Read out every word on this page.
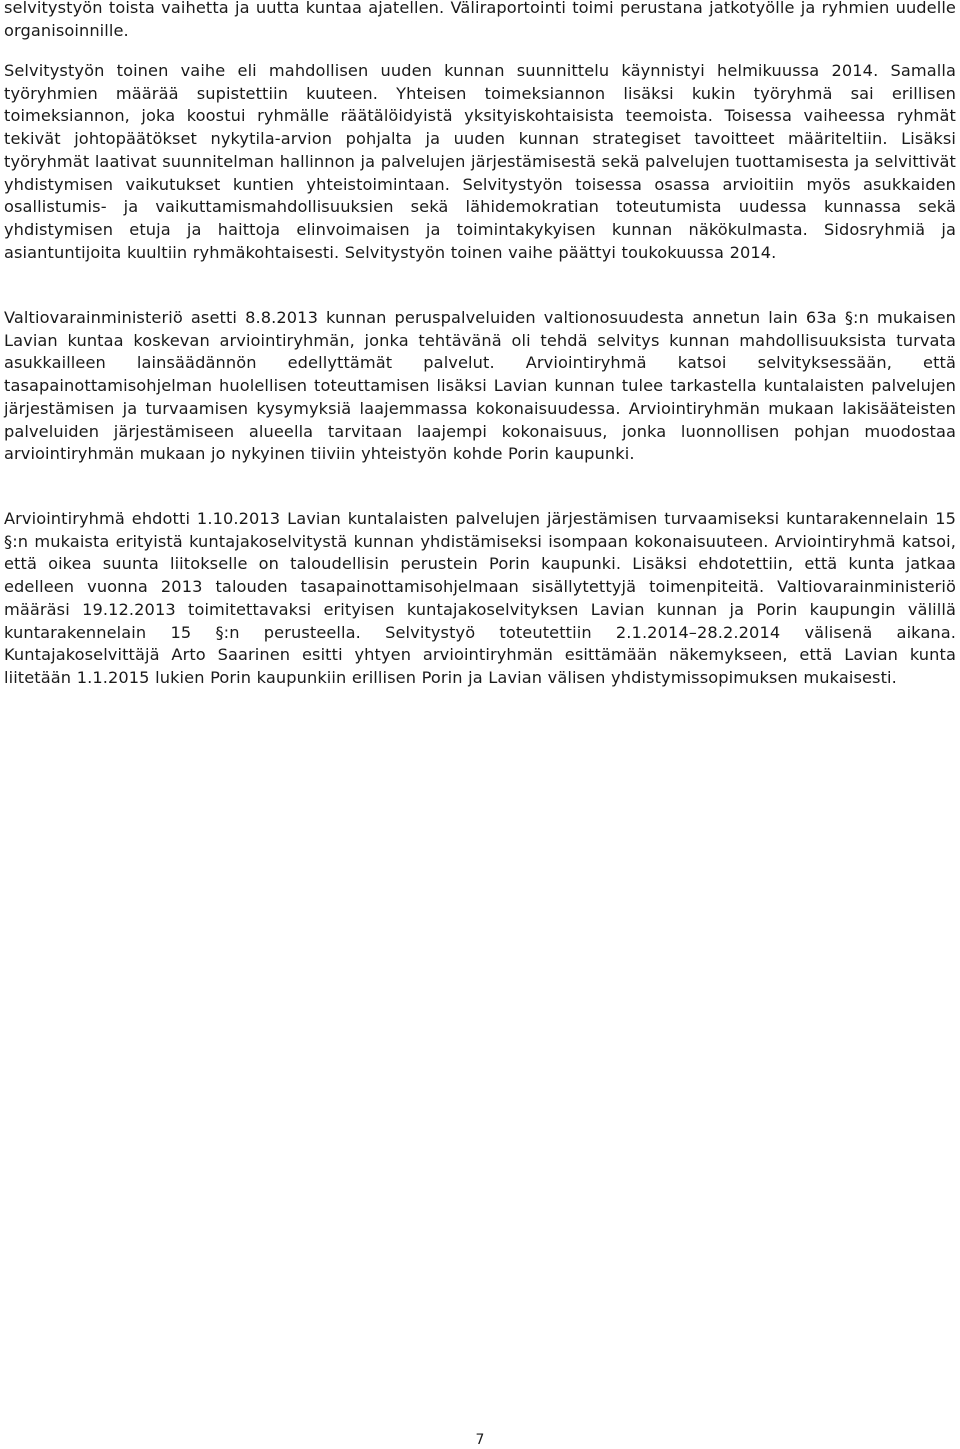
selvitystyön toista vaihetta ja uutta kuntaa ajatellen. Väliraportointi toimi perustana jatkotyölle ja ryhmien uudelle organisoinnille.

Selvitystyön toinen vaihe eli mahdollisen uuden kunnan suunnittelu käynnistyi helmikuussa 2014. Samalla työryhmien määrää supistettiin kuuteen. Yhteisen toimeksiannon lisäksi kukin työryhmä sai erillisen toimeksiannon, joka koostui ryhmälle räätälöidyistä yksityiskohtaisista teemoista. Toisessa vaiheessa ryhmät tekivät johtopäätökset nykytila-arvion pohjalta ja uuden kunnan strategiset tavoitteet määriteltiin. Lisäksi työryhmät laativat suunnitelman hallinnon ja palvelujen järjestämisestä sekä palvelujen tuottamisesta ja selvittivät yhdistymisen vaikutukset kuntien yhteistoimintaan. Selvitystyön toisessa osassa arvioitiin myös asukkaiden osallistumis- ja vaikuttamismahdollisuuksien sekä lähidemokratian toteutumista uudessa kunnassa sekä yhdistymisen etuja ja haittoja elinvoimaisen ja toimintakykyisen kunnan näkökulmasta. Sidosryhmiä ja asiantuntijoita kuultiin ryhmäkohtaisesti. Selvitystyön toinen vaihe päättyi toukokuussa 2014.

Valtiovarainministeriö asetti 8.8.2013 kunnan peruspalveluiden valtionosuudesta annetun lain 63a §:n mukaisen Lavian kuntaa koskevan arviointiryhmän, jonka tehtävänä oli tehdä selvitys kunnan mahdollisuuksista turvata asukkailleen lainsäädännön edellyttämät palvelut. Arviointiryhmä katsoi selvityksessään, että tasapainottamisohjelman huolellisen toteuttamisen lisäksi Lavian kunnan tulee tarkastella kuntalaisten palvelujen järjestämisen ja turvaamisen kysymyksiä laajemmassa kokonaisuudessa. Arviointiryhmän mukaan lakisääteisten palveluiden järjestämiseen alueella tarvitaan laajempi kokonaisuus, jonka luonnollisen pohjan muodostaa arviointiryhmän mukaan jo nykyinen tiiviin yhteistyön kohde Porin kaupunki.

Arviointiryhmä ehdotti 1.10.2013 Lavian kuntalaisten palvelujen järjestämisen turvaamiseksi kuntarakennelain 15 §:n mukaista erityistä kuntajakoselvitystä kunnan yhdistämiseksi isompaan kokonaisuuteen. Arviointiryhmä katsoi, että oikea suunta liitokselle on taloudellisin perustein Porin kaupunki. Lisäksi ehdotettiin, että kunta jatkaa edelleen vuonna 2013 talouden tasapainottamisohjelmaan sisällytettyjä toimenpiteitä. Valtiovarainministeriö määräsi 19.12.2013 toimitettavaksi erityisen kuntajakoselvityksen Lavian kunnan ja Porin kaupungin välillä kuntarakennelain 15 §:n perusteella. Selvitystyö toteutettiin 2.1.2014–28.2.2014 välisenä aikana. Kuntajakoselvittäjä Arto Saarinen esitti yhtyen arviointiryhmän esittämään näkemykseen, että Lavian kunta liitetään 1.1.2015 lukien Porin kaupunkiin erillisen Porin ja Lavian välisen yhdistymissopimuksen mukaisesti.

7
